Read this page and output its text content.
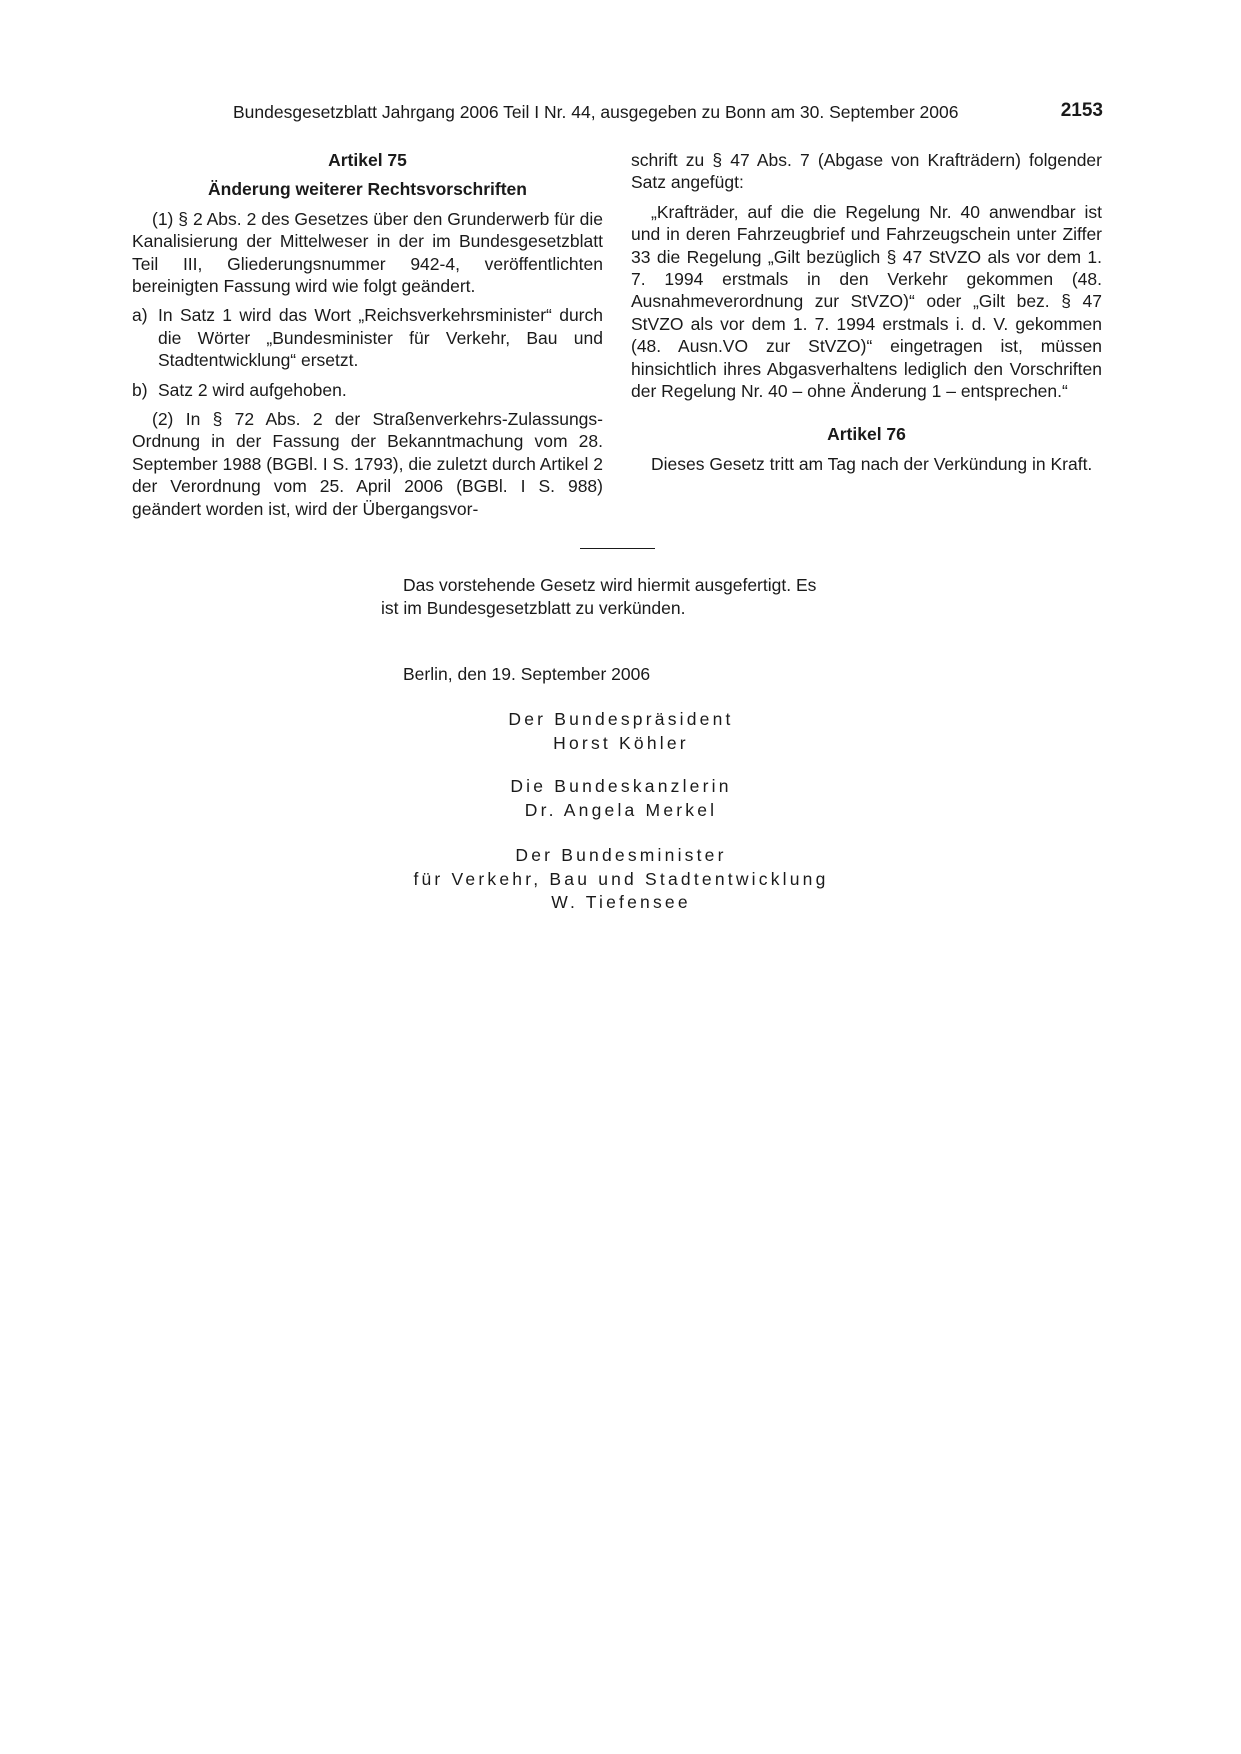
Bundesgesetzblatt Jahrgang 2006 Teil I Nr. 44, ausgegeben zu Bonn am 30. September 2006	2153
Artikel 75
Änderung weiterer Rechtsvorschriften
(1) § 2 Abs. 2 des Gesetzes über den Grunderwerb für die Kanalisierung der Mittelweser in der im Bundesgesetzblatt Teil III, Gliederungsnummer 942-4, veröffentlichten bereinigten Fassung wird wie folgt geändert.
a) In Satz 1 wird das Wort „Reichsverkehrsminister“ durch die Wörter „Bundesminister für Verkehr, Bau und Stadtentwicklung“ ersetzt.
b) Satz 2 wird aufgehoben.
(2) In § 72 Abs. 2 der Straßenverkehrs-Zulassungs-Ordnung in der Fassung der Bekanntmachung vom 28. September 1988 (BGBl. I S. 1793), die zuletzt durch Artikel 2 der Verordnung vom 25. April 2006 (BGBl. I S. 988) geändert worden ist, wird der Übergangsvor-
schrift zu § 47 Abs. 7 (Abgase von Krafträdern) folgender Satz angefügt:
„Krafträder, auf die die Regelung Nr. 40 anwendbar ist und in deren Fahrzeugbrief und Fahrzeugschein unter Ziffer 33 die Regelung „Gilt bezüglich § 47 StVZO als vor dem 1. 7. 1994 erstmals in den Verkehr gekommen (48. Ausnahmeverordnung zur StVZO)“ oder „Gilt bez. § 47 StVZO als vor dem 1. 7. 1994 erstmals i. d. V. gekommen (48. Ausn.VO zur StVZO)“ eingetragen ist, müssen hinsichtlich ihres Abgasverhaltens lediglich den Vorschriften der Regelung Nr. 40 – ohne Änderung 1 – entsprechen.“
Artikel 76
Dieses Gesetz tritt am Tag nach der Verkündung in Kraft.
Das vorstehende Gesetz wird hiermit ausgefertigt. Es
ist im Bundesgesetzblatt zu verkünden.
Berlin, den 19. September 2006
Der Bundespräsident
Horst Köhler
Die Bundeskanzlerin
Dr. Angela Merkel
Der Bundesminister
für Verkehr, Bau und Stadtentwicklung
W. Tiefensee
